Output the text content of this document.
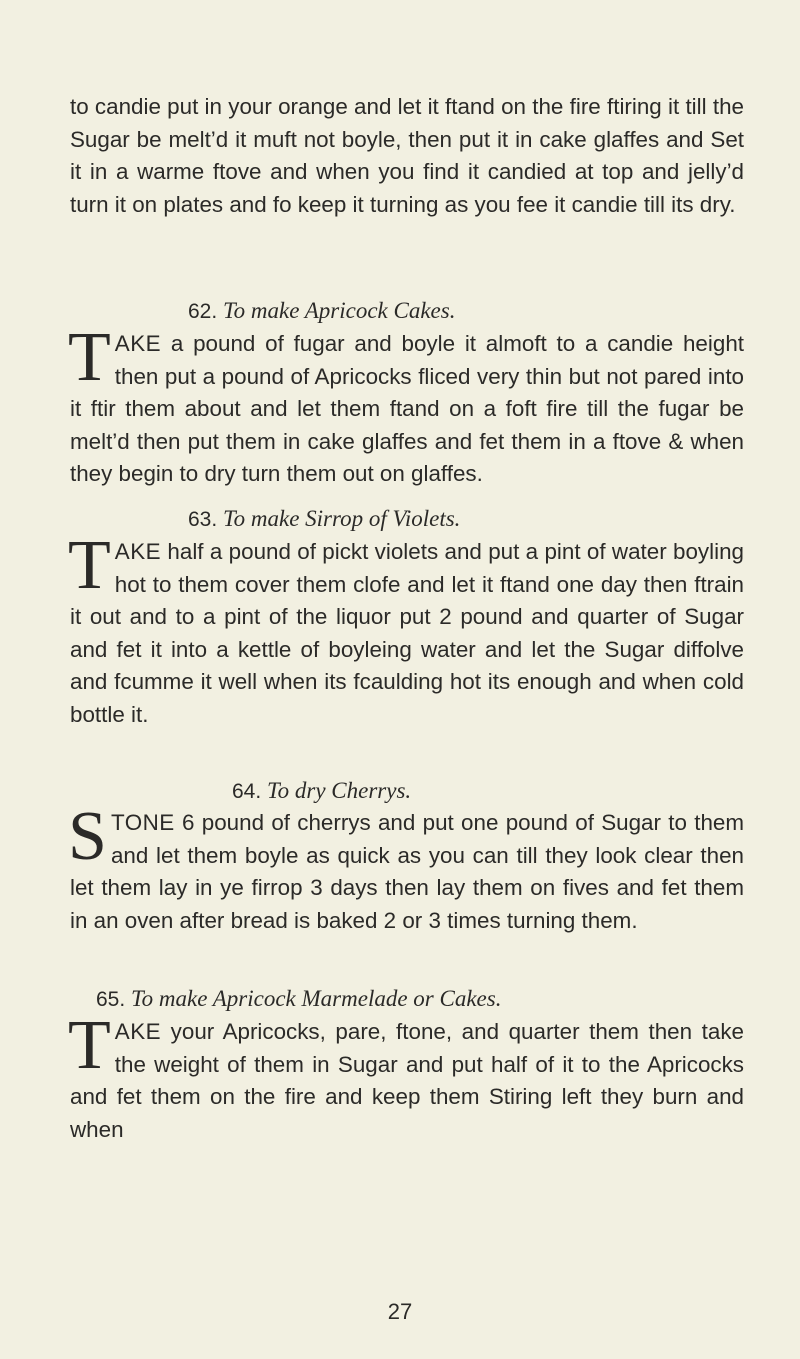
to candie put in your orange and let it ftand on the fire ftiring it till the Sugar be melt’d it muft not boyle, then put it in cake glaffes and Set it in a warme ftove and when you find it candied at top and jelly’d turn it on plates and fo keep it turning as you fee it candie till its dry.

62. To make Apricock Cakes.

TAKE a pound of fugar and boyle it almoft to a candie height then put a pound of Apricocks fliced very thin but not pared into it ftir them about and let them ftand on a foft fire till the fugar be melt’d then put them in cake glaffes and fet them in a ftove & when they begin to dry turn them out on glaffes.

63. To make Sirrop of Violets.

TAKE half a pound of pickt violets and put a pint of water boyling hot to them cover them clofe and let it ftand one day then ftrain it out and to a pint of the liquor put 2 pound and quarter of Sugar and fet it into a kettle of boyleing water and let the Sugar diffolve and fcumme it well when its fcaulding hot its enough and when cold bottle it.

64. To dry Cherrys.

STONE 6 pound of cherrys and put one pound of Sugar to them and let them boyle as quick as you can till they look clear then let them lay in ye firrop 3 days then lay them on fives and fet them in an oven after bread is baked 2 or 3 times turning them.

65. To make Apricock Marmelade or Cakes.

TAKE your Apricocks, pare, ftone, and quarter them then take the weight of them in Sugar and put half of it to the Apricocks and fet them on the fire and keep them Stiring left they burn and when

27
